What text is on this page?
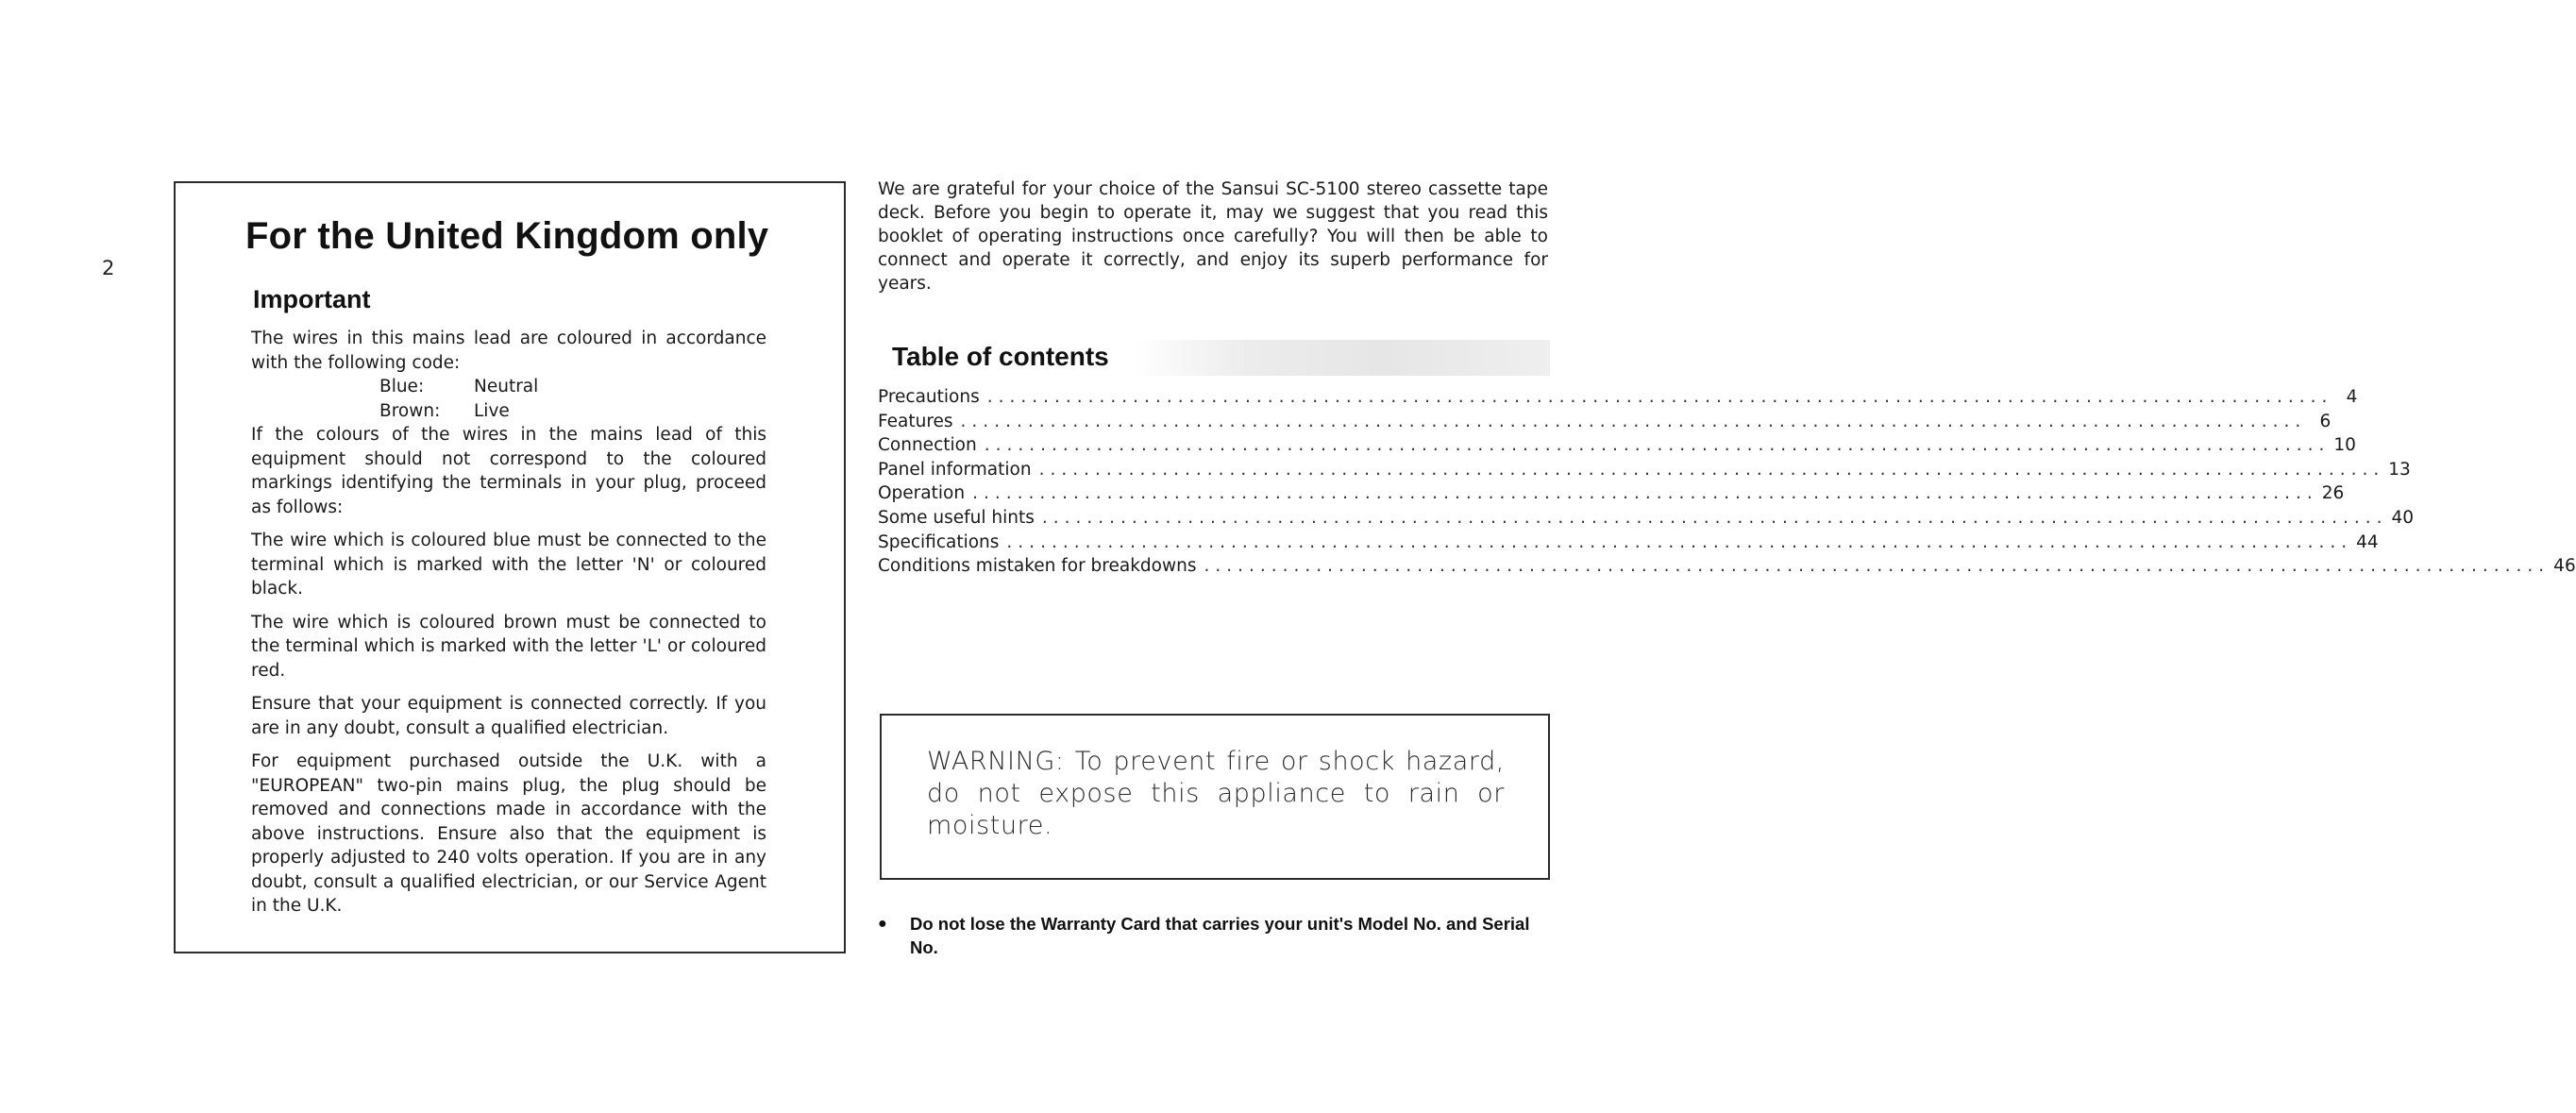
2
For the United Kingdom only
Important

The wires in this mains lead are coloured in accordance with the following code:

Blue:	Neutral
Brown:	Live

If the colours of the wires in the mains lead of this equipment should not correspond to the coloured markings identifying the terminals in your plug, proceed as follows:

The wire which is coloured blue must be connected to the terminal which is marked with the letter 'N' or coloured black.

The wire which is coloured brown must be connected to the terminal which is marked with the letter 'L' or coloured red.

Ensure that your equipment is connected correctly. If you are in any doubt, consult a qualified electrician.

For equipment purchased outside the U.K. with a "EUROPEAN" two-pin mains plug, the plug should be removed and connections made in accordance with the above instructions. Ensure also that the equipment is properly adjusted to 240 volts operation. If you are in any doubt, consult a qualified electrician, or our Service Agent in the U.K.

We are grateful for your choice of the Sansui SC-5100 stereo cassette tape deck. Before you begin to operate it, may we suggest that you read this booklet of operating instructions once carefully? You will then be able to connect and operate it correctly, and enjoy its superb performance for years.

Table of contents
Precautions ........................................................................................................................ 4
Features ........................................................................................................................ 6
Connection ........................................................................................................................ 10
Panel information ........................................................................................................................ 13
Operation ........................................................................................................................ 26
Some useful hints ........................................................................................................................ 40
Specifications ........................................................................................................................ 44
Conditions mistaken for breakdowns ........................................................................................................................ 46

WARNING: To prevent fire or shock hazard, do not expose this appliance to rain or moisture.

●	Do not lose the Warranty Card that carries your unit's Model No. and Serial No.
